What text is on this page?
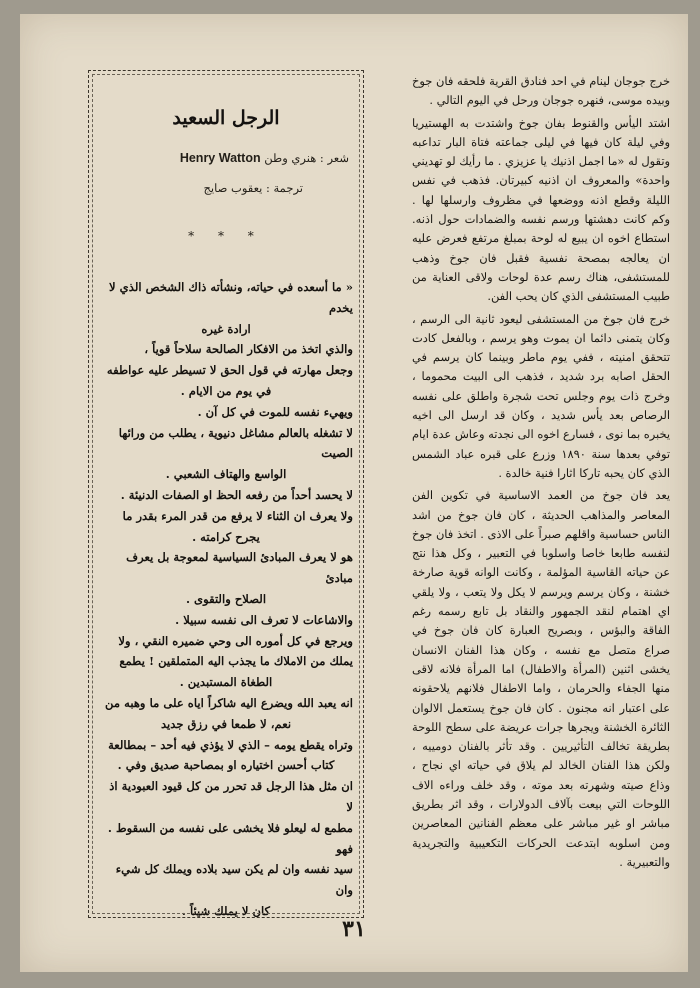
خرج جوجان لينام في احد فنادق القرية فلحقه فان جوخ وبيده موسى، فنهره جوجان ورحل في اليوم التالي .

اشتد اليأس والقنوط بفان جوخ واشتدت به الهستيريا وفي ليلة كان فيها في ليلى جماعته فتاة البار تداعبه وتقول له «ما اجمل اذنيك يا عزيزي . ما رأيك لو تهديني واحدة» والمعروف ان اذنيه كبيرتان. فذهب في نفس الليلة وقطع اذنه ووضعها في مظروف وارسلها لها . وكم كانت دهشتها ورسم نفسه والضمادات حول اذنه. استطاع اخوه ان يبيع له لوحة بمبلغ مرتفع فعرض عليه ان يعالجه بمصحة نفسية فقبل فان جوخ وذهب للمستشفى، هناك رسم عدة لوحات ولاقى العناية من طبيب المستشفى الذي كان يحب الفن.

خرج فان جوخ من المستشفى ليعود ثانية الى الرسم ، وكان يتمنى دائما ان يموت وهو يرسم ، وبالفعل كادت تتحقق امنيته ، ففي يوم ماطر وبينما كان يرسم في الحقل اصابه برد شديد ، فذهب الى البيت محموما ، وخرج ذات يوم وجلس تحت شجرة واطلق على نفسه الرصاص بعد يأس شديد ، وكان قد ارسل الى اخيه يخبره بما نوى ، فسارع اخوه الى نجدته وعاش عدة ايام توفي بعدها سنة ١٨٩٠ وزرع على قبره عباد الشمس الذي كان يحبه تاركا اثارا فنية خالدة .

يعد فان جوخ من العمد الاساسية في تكوين الفن المعاصر والمذاهب الحديثة ، كان فان جوخ من اشد الناس حساسية واقلهم صبراً على الاذى . اتخذ فان جوخ لنفسه طابعا خاصا واسلوبا في التعبير ، وكل هذا نتج عن حياته القاسية المؤلمة ، وكانت الوانه قوية صارخة خشنة ، وكان يرسم ويرسم لا يكل ولا يتعب ، ولا يلقي اي اهتمام لنقد الجمهور والنقاد بل تابع رسمه رغم الفاقة والبؤس ، وبصريح العبارة كان فان جوخ في صراع متصل مع نفسه ، وكان هذا الفنان الانسان يخشى اثنين (المرأة والاطفال) اما المرأة فلانه لاقى منها الجفاء والحرمان ، واما الاطفال فلانهم يلاحقونه على اعتبار انه مجنون . كان فان جوخ يستعمل الالوان الثائرة الخشنة ويجرها جرات عريضة على سطح اللوحة بطريقة تخالف التأثيريين . وقد تأثر بالفنان دومييه ، ولكن هذا الفنان الخالد لم يلاق في حياته اي نجاح ، وذاع صيته وشهرته بعد موته ، وقد خلف وراءه الاف اللوحات التي بيعت بآلاف الدولارات ، وقد اثر بطريق مباشر او غير مباشر على معظم الفنانين المعاصرين ومن اسلوبه ابتدعت الحركات التكعيبية والتجريدية والتعبيرية .

الرجل السعيد
شعر : هنري وطن Henry Watton
ترجمة : يعقوب صايج
* * *
« ما أسعده في حياته، ونشأته ذاك الشخص الذي لا يخدم
ارادة غيره
والذي اتخذ من الافكار الصالحة سلاحاً قوياً ،
وجعل مهارته في قول الحق لا تسيطر عليه عواطفه
في يوم من الايام .
ويهيء نفسه للموت في كل آن .
لا تشغله بالعالم مشاغل دنيوية ، يطلب من ورائها الصيت
الواسع والهتاف الشعبي .
لا يحسد أحداً من رفعه الحظ او الصفات الدنيئة .
ولا يعرف ان الثناء لا يرفع من قدر المرء بقدر ما
يجرح كرامته .
هو لا يعرف المبادئ السياسية لمعوجة بل يعرف مبادئ
الصلاح والتقوى .
والاشاعات لا تعرف الى نفسه سبيلا .
ويرجع في كل أموره الى وحي ضميره النقي ، ولا
يملك من الاملاك ما يجذب اليه المتملقين ! يطمع
الطغاة المستبدين .
انه يعبد الله ويضرع اليه شاكراً اياه على ما وهبه من
نعم، لا طمعا في رزق جديد
وتراه يقطع يومه – الذي لا يؤذي فيه أحد – بمطالعة
كتاب أحسن اختياره او بمصاحبة صديق وفي .
ان مثل هذا الرجل قد تحرر من كل قيود العبودية اذ لا
مطمع له ليعلو فلا يخشى على نفسه من السقوط . فهو
سيد نفسه وان لم يكن سيد بلاده ويملك كل شيء وان
كان لا يملك شيئاً .
٣١
